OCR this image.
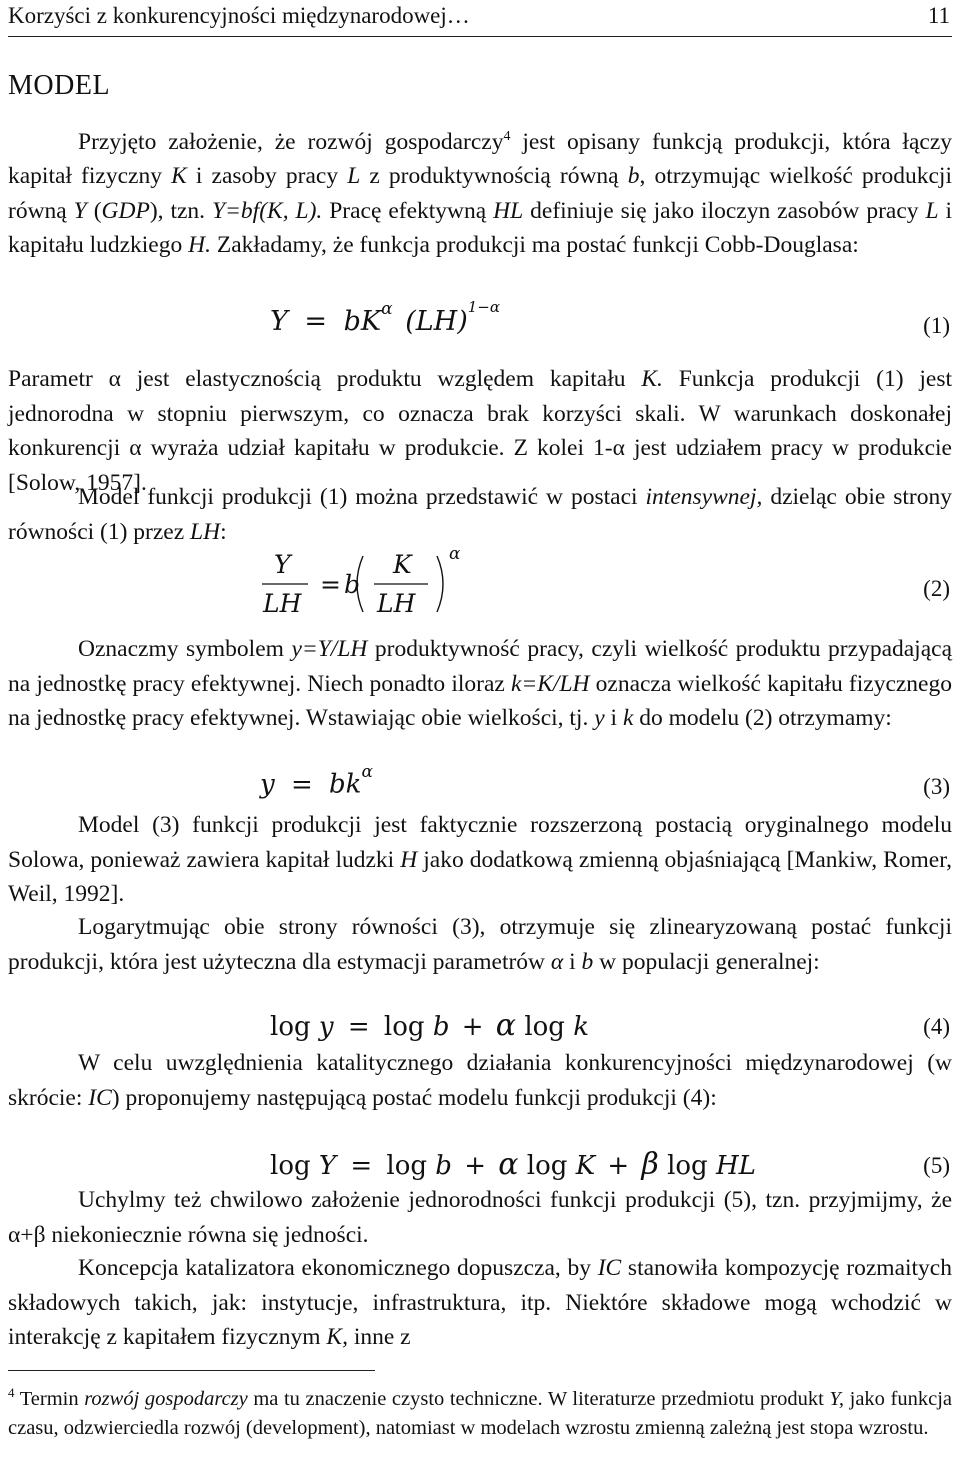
Korzyści z konkurencyjności międzynarodowej…	11
MODEL

Przyjęto założenie, że rozwój gospodarczy$^4$ jest opisany funkcją produkcji, która łączy kapitał fizyczny K i zasoby pracy L z produktywnością równą b, otrzymując wielkość produkcji równą Y (GDP), tzn. Y=bf(K, L). Pracę efektywną HL definiuje się jako iloczyn zasobów pracy L i kapitału ludzkiego H. Zakładamy, że funkcja produkcji ma postać funkcji Cobb-Douglasa:

$Y = bK^\alpha$ (LH)$^{1-\alpha}$
(1)

Parametr α jest elastycznością produktu względem kapitału K. Funkcja produkcji (1) jest jednorodna w stopniu pierwszym, co oznacza brak korzyści skali. W warunkach doskonałej konkurencji α wyraża udział kapitału w produkcie. Z kolei 1-α jest udziałem pracy w produkcie [Solow, 1957].

Model funkcji produkcji (1) można przedstawić w postaci intensywnej, dzieląc obie strony równości (1) przez LH:

Y
LH
= b
K
LH
α
(2)

Oznaczmy symbolem y=Y/LH produktywność pracy, czyli wielkość produktu przypadającą na jednostkę pracy efektywnej. Niech ponadto iloraz k=K/LH oznacza wielkość kapitału fizycznego na jednostkę pracy efektywnej. Wstawiając obie wielkości, tj. y i k do modelu (2) otrzymamy:

$y = bk^\alpha$
(3)

Model (3) funkcji produkcji jest faktycznie rozszerzoną postacią oryginalnego modelu Solowa, ponieważ zawiera kapitał ludzki H jako dodatkową zmienną objaśniającą [Mankiw, Romer, Weil, 1992].

Logarytmując obie strony równości (3), otrzymuje się zlinearyzowaną postać funkcji produkcji, która jest użyteczna dla estymacji parametrów α i b w populacji generalnej:

log y = log b + α log k	(4)

W celu uwzględnienia katalitycznego działania konkurencyjności międzynarodowej (w skrócie: IC) proponujemy następującą postać modelu funkcji produkcji (4):

log Y = log b + α log K + β log HL	(5)

Uchylmy też chwilowo założenie jednorodności funkcji produkcji (5), tzn. przyjmijmy, że α+β niekoniecznie równa się jedności.

Koncepcja katalizatora ekonomicznego dopuszcza, by IC stanowiła kompozycję rozmaitych składowych takich, jak: instytucje, infrastruktura, itp. Niektóre składowe mogą wchodzić w interakcję z kapitałem fizycznym K, inne z

$^4$ Termin rozwój gospodarczy ma tu znaczenie czysto techniczne. W literaturze przedmiotu produkt Y, jako funkcja czasu, odzwierciedla rozwój (development), natomiast w modelach wzrostu zmienną zależną jest stopa wzrostu.
